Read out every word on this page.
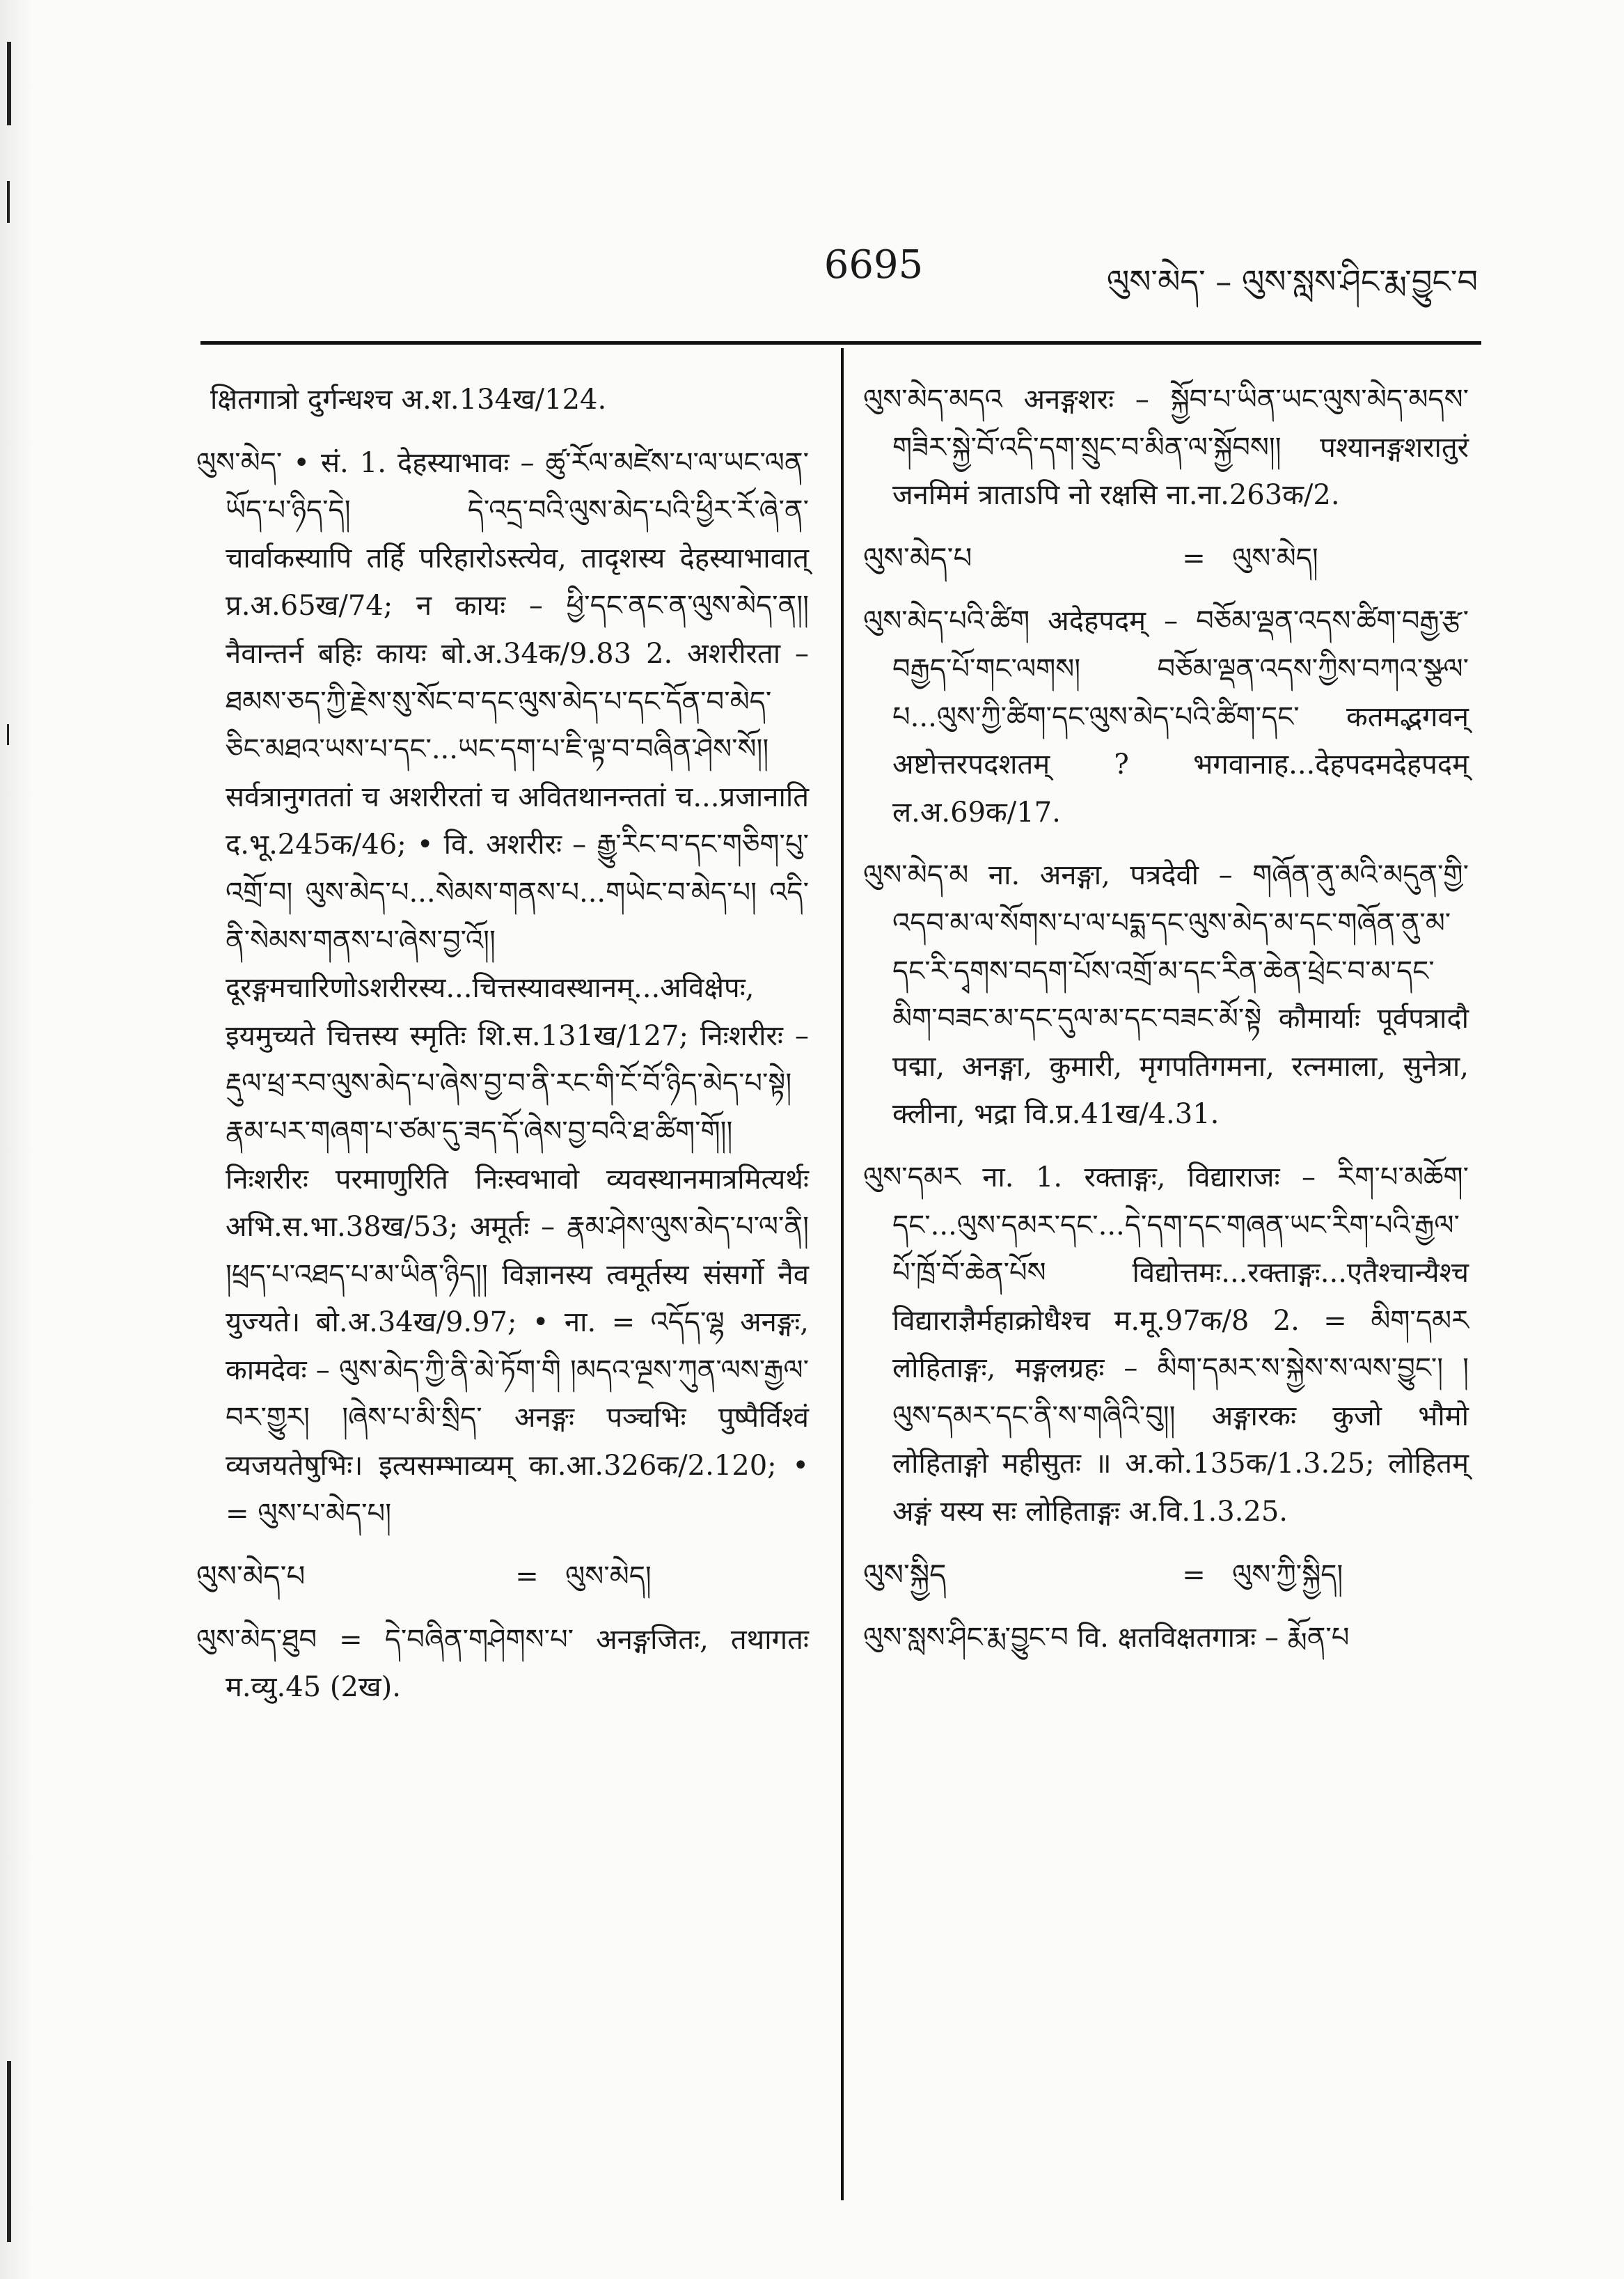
6695	ལུས་མེད་ – ལུས་སླས་ཤིང་རྨ་བྱུང་བ

क्षितगात्रो दुर्गन्धश्च अ.श.134ख/124.

ལུས་མེད་ • सं. 1. देहस्याभावः – ཚུ་རོལ་མཛེས་པ་ལ་ཡང་ལན་ཡོད་པ་ཉིད་དེ། དེ་འདྲ་བའི་ལུས་མེད་པའི་ཕྱིར་རོ་ཞེ་ན་ चार्वाकस्यापि तर्हि परिहारोऽस्त्येव, तादृशस्य देहस्याभावात् प्र.अ.65ख/74; न कायः – ཕྱི་དང་ནང་ན་ལུས་མེད་ན།། नैवान्तर्न बहिः कायः बो.अ.34क/9.83 2. अशरीरता – ཐམས་ཅད་ཀྱི་རྗེས་སུ་སོང་བ་དང་ལུས་མེད་པ་དང་དོན་བ་མེད་ཅིང་མཐའ་ཡས་པ་དང་...ཡང་དག་པ་ཇི་ལྟ་བ་བཞིན་ཤེས་སོ།། सर्वत्रानुगततां च अशरीरतां च अवितथानन्ततां च...प्रजानाति द.भू.245क/46; • वि. अशरीरः – རྒྱུ་རིང་བ་དང་གཅིག་པུ་འགྲོ་བ། ལུས་མེད་པ...སེམས་གནས་པ...གཡེང་བ་མེད་པ། འདི་ནི་སེམས་གནས་པ་ཞེས་བྱ་འོ།། दूरङ्गमचारिणोऽशरीरस्य...चित्तस्यावस्थानम्...अविक्षेपः, इयमुच्यते चित्तस्य स्मृतिः शि.स.131ख/127; निःशरीरः – རྡུལ་ཕྲ་རབ་ལུས་མེད་པ་ཞེས་བྱ་བ་ནི་རང་གི་ངོ་བོ་ཉིད་མེད་པ་སྟེ། རྣམ་པར་གཞག་པ་ཙམ་དུ་ཟད་དོ་ཞེས་བྱ་བའི་ཐ་ཚིག་གོ།། निःशरीरः परमाणुरिति निःस्वभावो व्यवस्थानमात्रमित्यर्थः अभि.स.भा.38ख/53; अमूर्तः – རྣམ་ཤེས་ལུས་མེད་པ་ལ་ནི། །ཕྲད་པ་འཐད་པ་མ་ཡིན་ཉིད།། विज्ञानस्य त्वमूर्तस्य संसर्गो नैव युज्यते। बो.अ.34ख/9.97; • ना. = འདོད་ལྷ अनङ्गः, कामदेवः – ལུས་མེད་ཀྱི་ནི་མེ་ཏོག་གི །མདའ་ལྔས་ཀུན་ལས་རྒྱལ་བར་གྱུར། །ཞེས་པ་མི་སྲིད་ अनङ्गः पञ्चभिः पुष्पैर्विश्वं व्यजयतेषुभिः। इत्यसम्भाव्यम् का.आ.326क/2.120; • = ལུས་པ་མེད་པ།

ལུས་མེད་པ	= ལུས་མེད།

ལུས་མེད་ཐུབ = དེ་བཞིན་གཤེགས་པ་ अनङ्गजितः, तथागतः म.व्यु.45 (2ख).

ལུས་མེད་མདའ अनङ्गशरः – སྐྱོབ་པ་ཡིན་ཡང་ལུས་མེད་མདས་གཟིར་སྐྱེ་བོ་འདི་དག་སྲུང་བ་མིན་ལ་སྐྱོབས།། पश्यानङ्गशरातुरं जनमिमं त्राताऽपि नो रक्षसि ना.ना.263क/2.

ལུས་མེད་པ	= ལུས་མེད།

ལུས་མེད་པའི་ཚིག अदेहपदम् – བཅོམ་ལྡན་འདས་ཚིག་བརྒྱ་རྩ་བརྒྱད་པོ་གང་ལགས། བཅོམ་ལྡན་འདས་ཀྱིས་བཀའ་སྩལ་པ...ལུས་ཀྱི་ཚིག་དང་ལུས་མེད་པའི་ཚིག་དང་ कतमद्भगवन् अष्टोत्तरपदशतम् ? भगवानाह...देहपदमदेहपदम् ल.अ.69क/17.

ལུས་མེད་མ ना. अनङ्गा, पत्रदेवी – གཞོན་ནུ་མའི་མདུན་གྱི་འདབ་མ་ལ་སོགས་པ་ལ་པདྨ་དང་ལུས་མེད་མ་དང་གཞོན་ནུ་མ་དང་རི་དྭགས་བདག་པོས་འགྲོ་མ་དང་རིན་ཆེན་ཕྲེང་བ་མ་དང་མིག་བཟང་མ་དང་དུལ་མ་དང་བཟང་མོ་སྟེ कौमार्याः पूर्वपत्रादौ पद्मा, अनङ्गा, कुमारी, मृगपतिगमना, रत्नमाला, सुनेत्रा, क्लीना, भद्रा वि.प्र.41ख/4.31.

ལུས་དམར ना. 1. रक्ताङ्गः, विद्याराजः – རིག་པ་མཆོག་དང་...ལུས་དམར་དང་...དེ་དག་དང་གཞན་ཡང་རིག་པའི་རྒྱལ་པོ་ཁྲོ་བོ་ཆེན་པོས विद्योत्तमः...रक्ताङ्गः...एतैश्चान्यैश्च विद्याराज्ञैर्महाक्रोधैश्च म.मू.97क/8 2. = མིག་དམར लोहिताङ्गः, मङ्गलग्रहः – མིག་དམར་ས་སྐྱེས་ས་ལས་བྱུང་། །ལུས་དམར་དང་ནི་ས་གཞིའི་བུ།། अङ्गारकः कुजो भौमो लोहिताङ्गो महीसुतः ॥ अ.को.135क/1.3.25; लोहितम् अङ्गं यस्य सः लोहिताङ्गः अ.वि.1.3.25.

ལུས་སྐྱིད	= ལུས་ཀྱི་སྐྱིད།

ལུས་སླས་ཤིང་རྨ་བྱུང་བ वि. क्षतविक्षतगात्रः – རྨོན་པ
